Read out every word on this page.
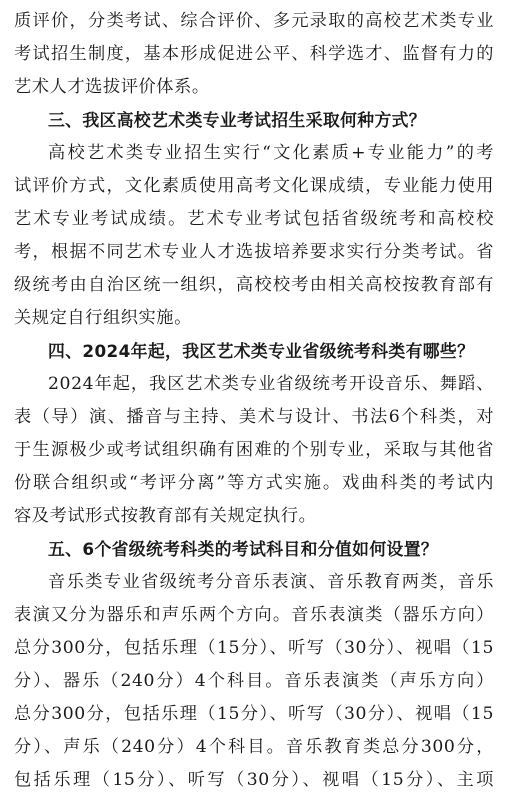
质评价，分类考试、综合评价、多元录取的高校艺术类专业
考试招生制度，基本形成促进公平、科学选才、监督有力的
艺术人才选拔评价体系。
三、我区高校艺术类专业考试招生采取何种方式？
高校艺术类专业招生实行“文化素质+专业能力”的考
试评价方式，文化素质使用高考文化课成绩，专业能力使用
艺术专业考试成绩。艺术专业考试包括省级统考和高校校
考，根据不同艺术专业人才选拔培养要求实行分类考试。省
级统考由自治区统一组织，高校校考由相关高校按教育部有
关规定自行组织实施。
四、2024年起，我区艺术类专业省级统考科类有哪些？
2024年起，我区艺术类专业省级统考开设音乐、舞蹈、
表（导）演、播音与主持、美术与设计、书法6个科类，对
于生源极少或考试组织确有困难的个别专业，采取与其他省
份联合组织或“考评分离”等方式实施。戏曲科类的考试内
容及考试形式按教育部有关规定执行。
五、6个省级统考科类的考试科目和分值如何设置？
音乐类专业省级统考分音乐表演、音乐教育两类，音乐
表演又分为器乐和声乐两个方向。音乐表演类（器乐方向）
总分300分，包括乐理（15分）、听写（30分）、视唱（15
分）、器乐（240分）4个科目。音乐表演类（声乐方向）
总分300分，包括乐理（15分）、听写（30分）、视唱（15
分）、声乐（240分）4个科目。音乐教育类总分300分，
包括乐理（15分）、听写（30分）、视唱（15分）、主项
